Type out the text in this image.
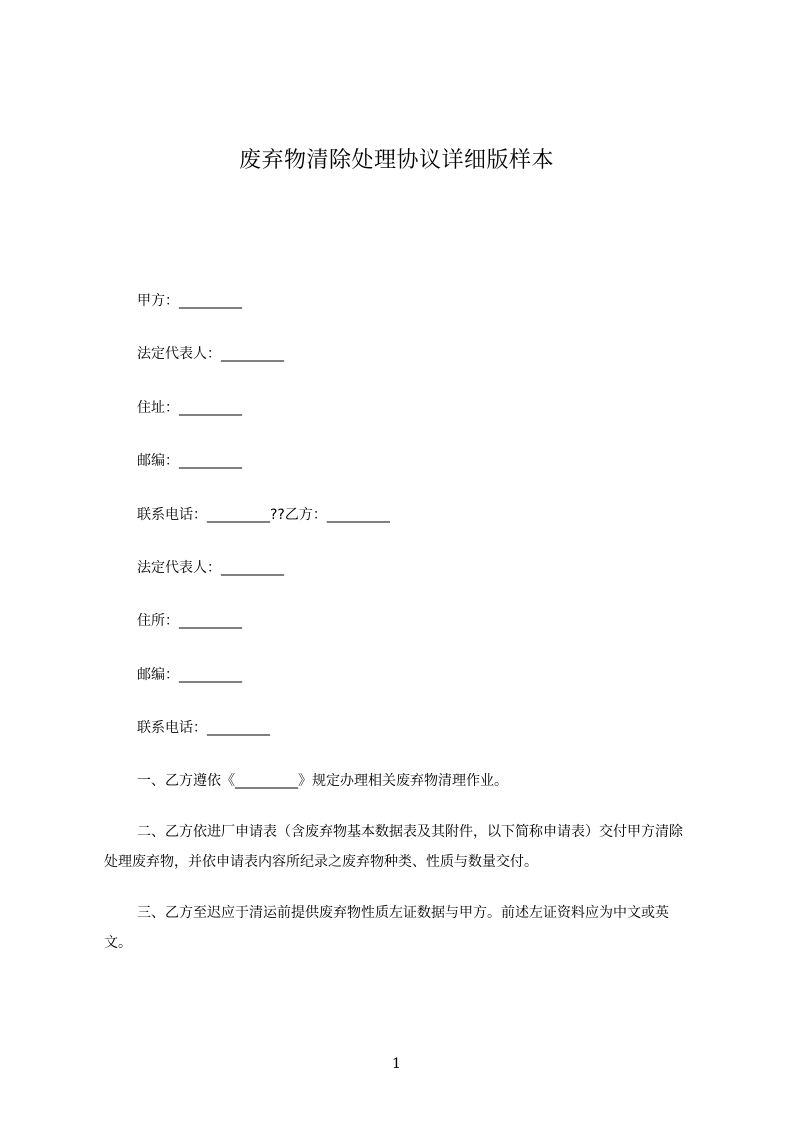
废弃物清除处理协议详细版样本
甲方：_________
法定代表人：_________
住址：_________
邮编：_________
联系电话：_________??乙方：_________
法定代表人：_________
住所：_________
邮编：_________
联系电话：_________
一、乙方遵依《_________》规定办理相关废弃物清理作业。
二、乙方依进厂申请表（含废弃物基本数据表及其附件，以下简称申请表）交付甲方清除处理废弃物，并依申请表内容所纪录之废弃物种类、性质与数量交付。
三、乙方至迟应于清运前提供废弃物性质左证数据与甲方。前述左证资料应为中文或英文。
1
